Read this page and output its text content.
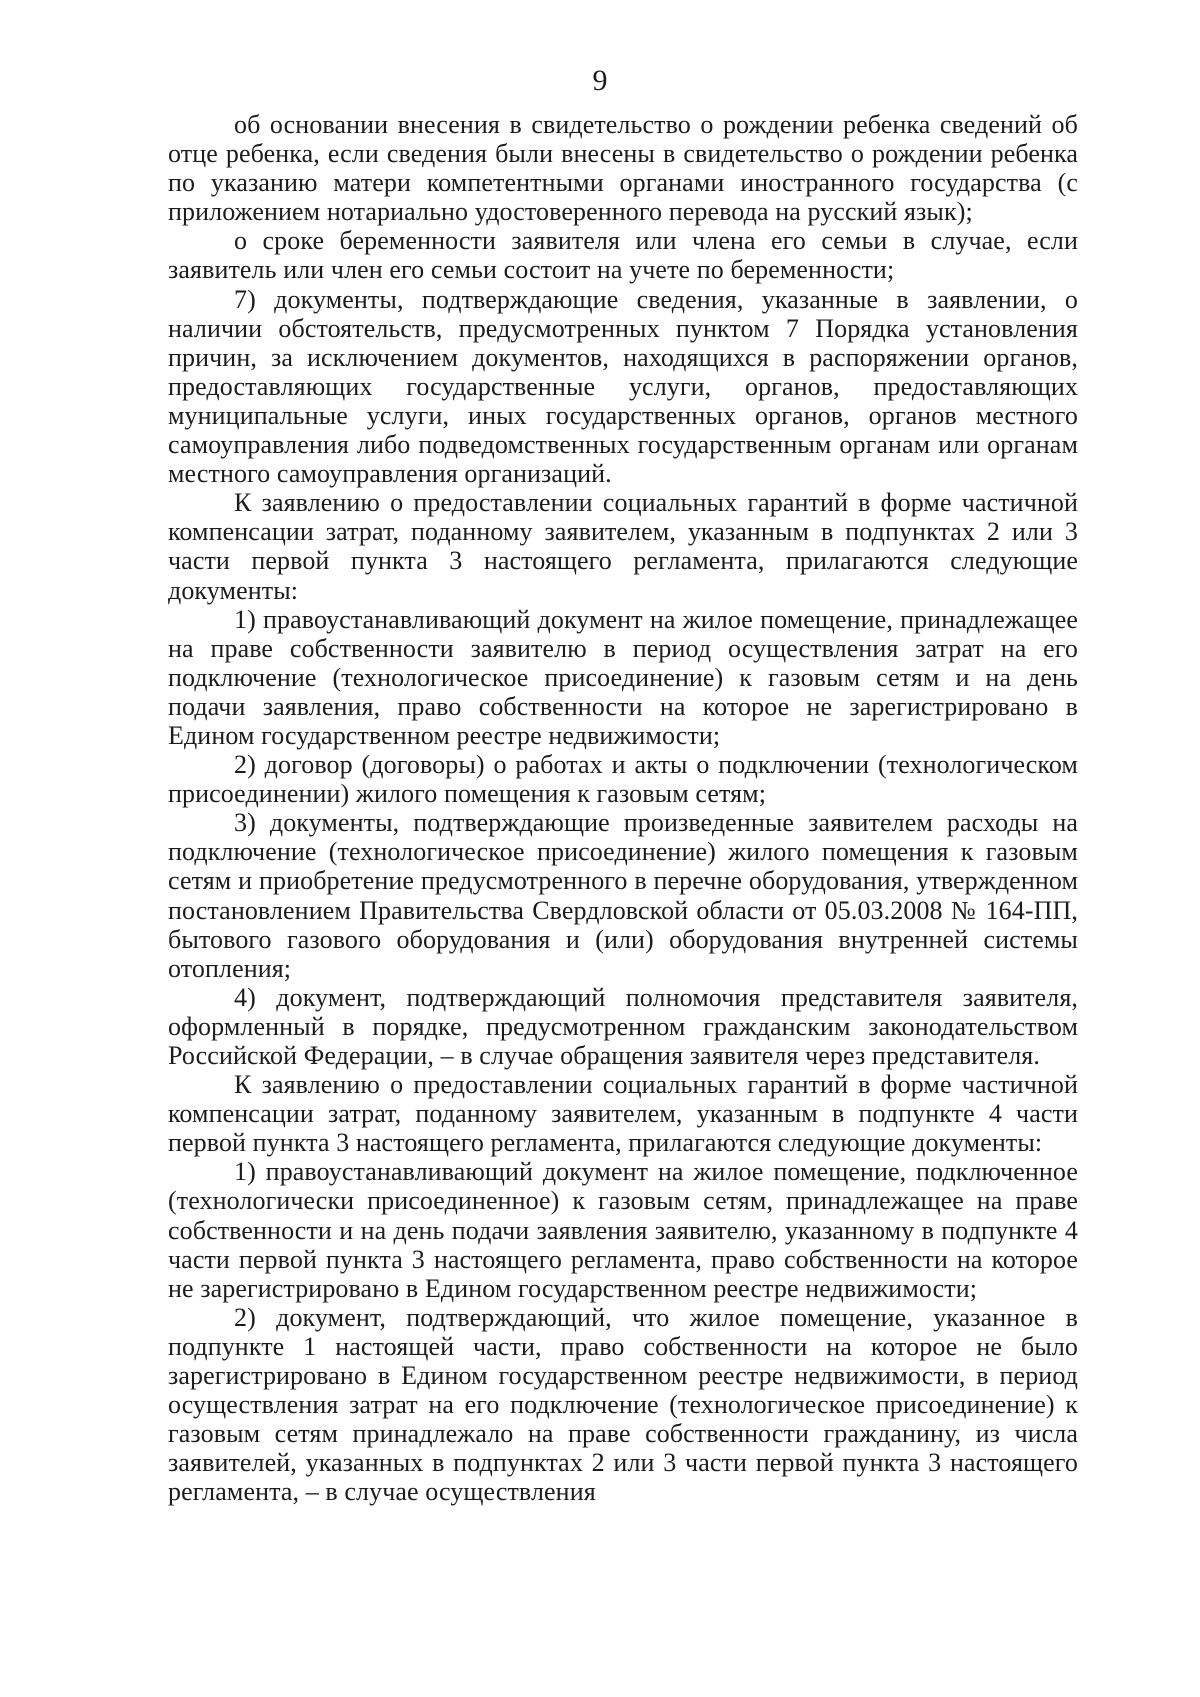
9

об основании внесения в свидетельство о рождении ребенка сведений об отце ребенка, если сведения были внесены в свидетельство о рождении ребенка по указанию матери компетентными органами иностранного государства (с приложением нотариально удостоверенного перевода на русский язык);

о сроке беременности заявителя или члена его семьи в случае, если заявитель или член его семьи состоит на учете по беременности;

7) документы, подтверждающие сведения, указанные в заявлении, о наличии обстоятельств, предусмотренных пунктом 7 Порядка установления причин, за исключением документов, находящихся в распоряжении органов, предоставляющих государственные услуги, органов, предоставляющих муниципальные услуги, иных государственных органов, органов местного самоуправления либо подведомственных государственным органам или органам местного самоуправления организаций.

К заявлению о предоставлении социальных гарантий в форме частичной компенсации затрат, поданному заявителем, указанным в подпунктах 2 или 3 части первой пункта 3 настоящего регламента, прилагаются следующие документы:

1) правоустанавливающий документ на жилое помещение, принадлежащее на праве собственности заявителю в период осуществления затрат на его подключение (технологическое присоединение) к газовым сетям и на день подачи заявления, право собственности на которое не зарегистрировано в Едином государственном реестре недвижимости;

2) договор (договоры) о работах и акты о подключении (технологическом присоединении) жилого помещения к газовым сетям;

3) документы, подтверждающие произведенные заявителем расходы на подключение (технологическое присоединение) жилого помещения к газовым сетям и приобретение предусмотренного в перечне оборудования, утвержденном постановлением Правительства Свердловской области от 05.03.2008 № 164-ПП, бытового газового оборудования и (или) оборудования внутренней системы отопления;

4) документ, подтверждающий полномочия представителя заявителя, оформленный в порядке, предусмотренном гражданским законодательством Российской Федерации, – в случае обращения заявителя через представителя.

К заявлению о предоставлении социальных гарантий в форме частичной компенсации затрат, поданному заявителем, указанным в подпункте 4 части первой пункта 3 настоящего регламента, прилагаются следующие документы:

1) правоустанавливающий документ на жилое помещение, подключенное (технологически присоединенное) к газовым сетям, принадлежащее на праве собственности и на день подачи заявления заявителю, указанному в подпункте 4 части первой пункта 3 настоящего регламента, право собственности на которое не зарегистрировано в Едином государственном реестре недвижимости;

2) документ, подтверждающий, что жилое помещение, указанное в подпункте 1 настоящей части, право собственности на которое не было зарегистрировано в Едином государственном реестре недвижимости, в период осуществления затрат на его подключение (технологическое присоединение) к газовым сетям принадлежало на праве собственности гражданину, из числа заявителей, указанных в подпунктах 2 или 3 части первой пункта 3 настоящего регламента, – в случае осуществления
